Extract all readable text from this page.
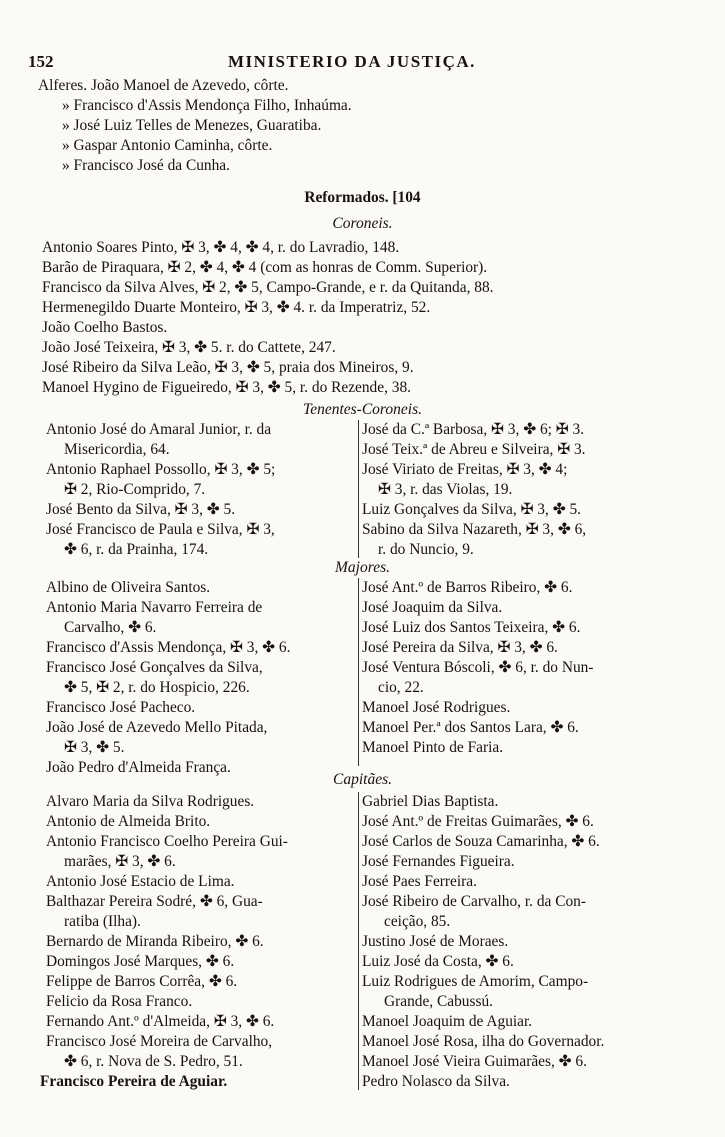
152	MINISTERIO DA JUSTIÇA.
Alferes. João Manoel de Azevedo, côrte.
» Francisco d'Assis Mendonça Filho, Inhaúma.
» José Luiz Telles de Menezes, Guaratiba.
» Gaspar Antonio Caminha, côrte.
» Francisco José da Cunha.
Reformados. [104
Coroneis.
Antonio Soares Pinto, ✠ 3, ✤ 4, ✤ 4, r. do Lavradio, 148.
Barão de Piraquara, ✠ 2, ✤ 4, ✤ 4 (com as honras de Comm. Superior).
Francisco da Silva Alves, ✠ 2, ✤ 5, Campo-Grande, e r. da Quitanda, 88.
Hermenegildo Duarte Monteiro, ✠ 3, ✤ 4. r. da Imperatriz, 52.
João Coelho Bastos.
João José Teixeira, ✠ 3, ✤ 5. r. do Cattete, 247.
José Ribeiro da Silva Leão, ✠ 3, ✤ 5, praia dos Mineiros, 9.
Manoel Hygino de Figueiredo, ✠ 3, ✤ 5, r. do Rezende, 38.
Tenentes-Coroneis.
Antonio José do Amaral Junior, r. da
Misericordia, 64.
Antonio Raphael Possollo, ✠ 3, ✤ 5;
✠ 2, Rio-Comprido, 7.
José Bento da Silva, ✠ 3, ✤ 5.
José Francisco de Paula e Silva, ✠ 3,
✤ 6, r. da Prainha, 174.
José da C.ª Barbosa, ✠ 3, ✤ 6; ✠ 3.
José Teix.ª de Abreu e Silveira, ✠ 3.
José Viriato de Freitas, ✠ 3, ✤ 4;
✠ 3, r. das Violas, 19.
Luiz Gonçalves da Silva, ✠ 3, ✤ 5.
Sabino da Silva Nazareth, ✠ 3, ✤ 6,
r. do Nuncio, 9.
Majores.
Albino de Oliveira Santos.
Antonio Maria Navarro Ferreira de
Carvalho, ✤ 6.
Francisco d'Assis Mendonça, ✠ 3, ✤ 6.
Francisco José Gonçalves da Silva,
✤ 5, ✠ 2, r. do Hospicio, 226.
Francisco José Pacheco.
João José de Azevedo Mello Pitada,
✠ 3, ✤ 5.
João Pedro d'Almeida França.
José Ant.º de Barros Ribeiro, ✤ 6.
José Joaquim da Silva.
José Luiz dos Santos Teixeira, ✤ 6.
José Pereira da Silva, ✠ 3, ✤ 6.
José Ventura Bóscoli, ✤ 6, r. do Nun-
cio, 22.
Manoel José Rodrigues.
Manoel Per.ª dos Santos Lara, ✤ 6.
Manoel Pinto de Faria.
Capitães.
Alvaro Maria da Silva Rodrigues.
Antonio de Almeida Brito.
Antonio Francisco Coelho Pereira Gui-
marães, ✠ 3, ✤ 6.
Antonio José Estacio de Lima.
Balthazar Pereira Sodré, ✤ 6, Gua-
ratiba (Ilha).
Bernardo de Miranda Ribeiro, ✤ 6.
Domingos José Marques, ✤ 6.
Felippe de Barros Corrêa, ✤ 6.
Felicio da Rosa Franco.
Fernando Ant.º d'Almeida, ✠ 3, ✤ 6.
Francisco José Moreira de Carvalho,
✤ 6, r. Nova de S. Pedro, 51.
Francisco Pereira de Aguiar.
Gabriel Dias Baptista.
José Ant.º de Freitas Guimarães, ✤ 6.
José Carlos de Souza Camarinha, ✤ 6.
José Fernandes Figueira.
José Paes Ferreira.
José Ribeiro de Carvalho, r. da Con-
ceição, 85.
Justino José de Moraes.
Luiz José da Costa, ✤ 6.
Luiz Rodrigues de Amorim, Campo-
Grande, Cabussú.
Manoel Joaquim de Aguiar.
Manoel José Rosa, ilha do Governador.
Manoel José Vieira Guimarães, ✤ 6.
Pedro Nolasco da Silva.
